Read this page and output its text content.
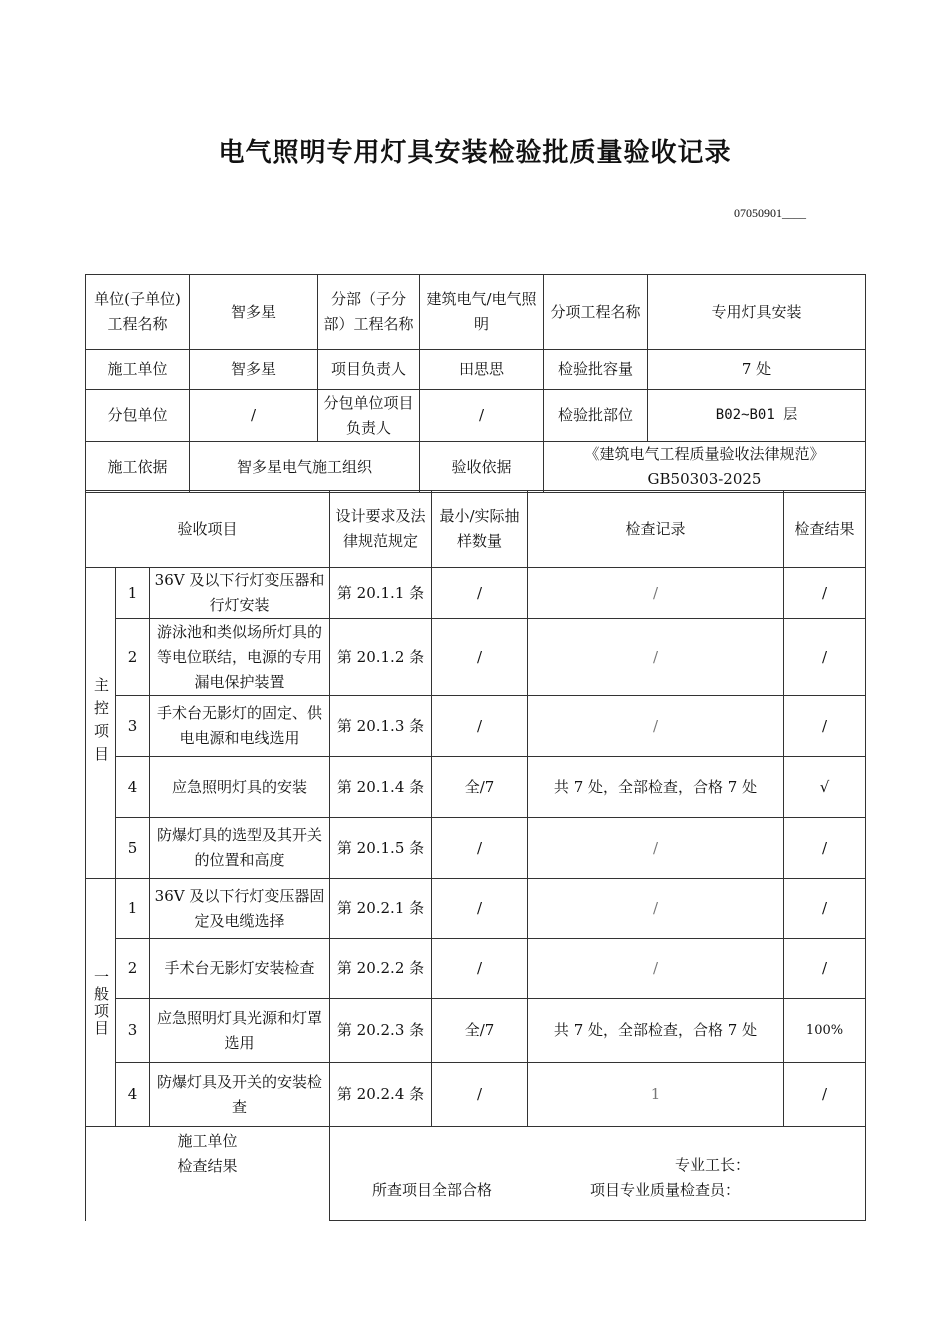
电气照明专用灯具安装检验批质量验收记录
07050901____
单位(子单位)工程名称	智多星	分部（子分部）工程名称	建筑电气/电气照明	分项工程名称	专用灯具安装
施工单位	智多星	项目负责人	田思思	检验批容量	7 处
分包单位	/	分包单位项目负责人	/	检验批部位	B02~B01 层
施工依据	智多星电气施工组织		验收依据	《建筑电气工程质量验收法律规范》GB50303-2025	
验收项目			设计要求及法律规范规定	最小/实际抽样数量	检查记录	检查结果
主控项目	1	36V 及以下行灯变压器和行灯安装	第 20.1.1 条	/	/	/
	2	游泳池和类似场所灯具的等电位联结，电源的专用漏电保护装置	第 20.1.2 条	/	/	/
	3	手术台无影灯的固定、供电电源和电线选用	第 20.1.3 条	/	/	/
	4	应急照明灯具的安装	第 20.1.4 条	全/7	共 7 处，全部检查，合格 7 处	√
	5	防爆灯具的选型及其开关的位置和高度	第 20.1.5 条	/	/	/
一般项目	1	36V 及以下行灯变压器固定及电缆选择	第 20.2.1 条	/	/	/
	2	手术台无影灯安装检查	第 20.2.2 条	/	/	/
	3	应急照明灯具光源和灯罩选用	第 20.2.3 条	全/7	共 7 处，全部检查，合格 7 处	100%
	4	防爆灯具及开关的安装检查	第 20.2.4 条	/	1	/
施工单位
检查结果	专业工长：
所查项目全部合格	项目专业质量检查员：
